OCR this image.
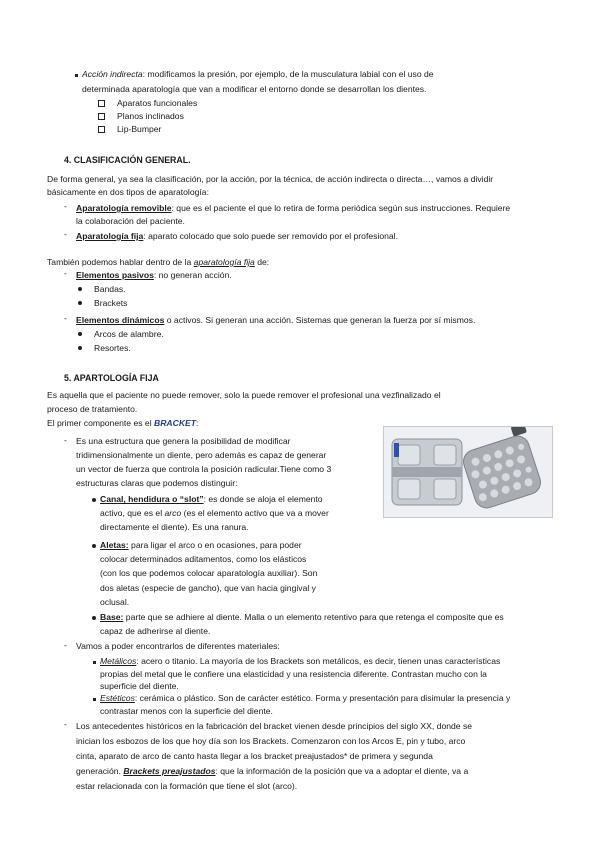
Acción indirecta: modificamos la presión, por ejemplo, de la musculatura labial con el uso de
determinada aparatología que van a modificar el entorno donde se desarrollan los dientes.
Aparatos funcionales
Planos inclinados
Lip-Bumper
4. CLASIFICACIÓN GENERAL.
De forma general, ya sea la clasificación, por la acción, por la técnica, de acción indirecta o directa…, vamos a dividir
básicamente en dos tipos de aparatología:
- Aparatología removible: que es el paciente el que lo retira de forma periódica según sus instrucciones. Requiere
la colaboración del paciente.
- Aparatología fija: aparato colocado que solo puede ser removido por el profesional.
También podemos hablar dentro de la aparatología fija de:
- Elementos pasivos: no generan acción.
Bandas.
Brackets
- Elementos dinámicos o activos. Si generan una acción. Sistemas que generan la fuerza por sí mismos.
Arcos de alambre.
Resortes.
5. APARTOLOGÍA FIJA
Es aquella que el paciente no puede remover, solo la puede remover el profesional una vezfinalizado el
proceso de tratamiento.
El primer componente es el BRACKET:
- Es una estructura que genera la posibilidad de modificar
tridimensionalmente un diente, pero además es capaz de generar
un vector de fuerza que controla la posición radicular.Tiene como 3
estructuras claras que podemos distinguir:
Canal, hendidura o “slot”: es donde se aloja el elemento
activo, que es el arco (es el elemento activo que va a mover
directamente el diente). Es una ranura.
Aletas: para ligar el arco o en ocasiones, para poder
colocar determinados aditamentos, como los elásticos
(con los que podemos colocar aparatología auxiliar). Son
dos aletas (especie de gancho), que van hacia gingival y
oclusal.
Base: parte que se adhiere al diente. Malla o un elemento retentivo para que retenga el composite que es
capaz de adherirse al diente.
- Vamos a poder encontrarlos de diferentes materiales:
Metálicos: acero o titanio. La mayoría de los Brackets son metálicos, es decir, tienen unas características
propias del metal que le confiere una elasticidad y una resistencia diferente. Contrastan mucho con la
superficie del diente.
Estéticos: cerámica o plástico. Son de carácter estético. Forma y presentación para disimular la presencia y
contrastar menos con la superficie del diente.
- Los antecedentes históricos en la fabricación del bracket vienen desde principios del siglo XX, donde se
inician los esbozos de los que hoy día son los Brackets. Comenzaron con los Arcos E, pin y tubo, arco
cinta, aparato de arco de canto hasta llegar a los bracket preajustados* de primera y segunda
generación. Brackets preajustados: que la información de la posición que va a adoptar el diente, va a
estar relacionada con la formación que tiene el slot (arco).
